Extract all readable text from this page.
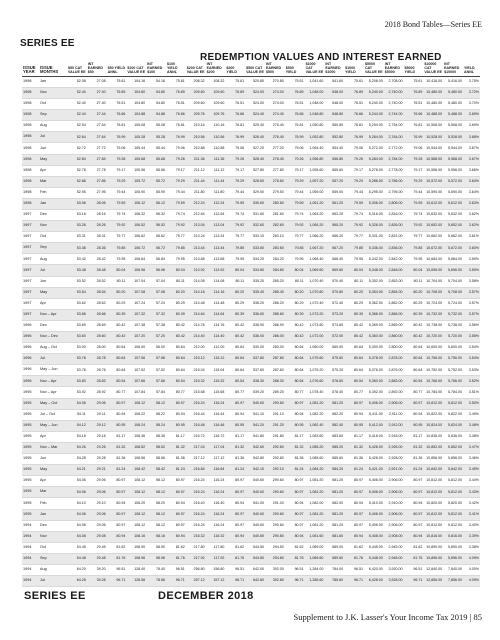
2018 Bond Tables—Series EE
SERIES EE
REDEMPTION VALUES AND INTEREST EARNED
ISSUE YEAR	ISSUE MONTHS	$50 CAT VALUE EE	INT EARNED $50	$50 YIELD ANNL	$100 CAT VALUE EE	INT EARNED $100	$100 YIELD ANNL	$200 CAT VALUE EE	INT EARNED $200	$200 YIELD	$500 CAT VALUE EE	INT EARNED $500	$500 YIELD	$1000 CAT VALUE EE	INT EARNED $1000	$1000 YIELD	$5000 CAT VALUE EE	INT EARNED $5000	$5000 YIELD	$10000 CAT VALUE EE	INT EARNED $10000	YIELD ANNL
1998	Jan	52.08	27.08	75.61	104.16	54.16	75.61	208.32	108.32	75.61	520.80	270.80	75.61	1,041.60	541.60	75.61	5,208.00	2,708.00	75.61	10,416.00	5,416.00	3.75%
1998	Nov	52.40	27.40	76.89	104.80	54.80	76.89	209.60	109.60	76.89	524.00	274.00	76.89	1,048.00	548.00	76.89	5,240.00	2,740.00	76.89	10,480.00	5,480.00	3.72%
1998	Oct	52.40	27.40	76.51	104.80	54.80	76.51	209.60	109.60	76.51	524.00	274.00	76.51	1,048.00	548.00	76.51	5,240.00	2,740.00	76.51	10,480.00	5,480.00	3.70%
1998	Sep	52.44	27.44	76.66	104.88	54.88	76.66	209.76	109.76	76.66	524.40	274.40	76.66	1,048.80	548.80	76.66	5,244.00	2,744.00	76.66	10,488.00	5,488.00	3.69%
1998	Aug	52.54	27.54	76.81	105.08	55.08	76.81	210.16	110.16	76.81	525.40	275.40	76.81	1,050.80	550.80	76.81	5,254.00	2,754.00	76.81	10,508.00	5,508.00	3.69%
1998	Jul	52.64	27.64	76.99	105.28	55.28	76.99	210.56	110.56	76.99	526.40	276.40	76.99	1,052.80	552.80	76.99	5,264.00	2,764.00	76.99	10,528.00	5,528.00	3.68%
1998	Jun	52.72	27.72	79.06	105.44	55.44	79.06	210.88	110.88	79.06	527.20	277.20	79.06	1,054.40	554.40	79.06	5,272.00	2,772.00	79.06	10,544.00	5,544.00	3.67%
1998	May	52.84	27.84	79.26	105.68	55.68	79.26	211.36	111.36	79.26	528.40	278.40	79.26	1,056.80	556.80	79.26	5,284.00	2,784.00	79.26	10,568.00	5,568.00	3.67%
1998	Apr	52.78	27.78	79.17	105.56	55.56	79.17	211.12	111.12	79.17	527.80	277.80	79.17	1,055.60	555.60	79.17	5,278.00	2,778.00	79.17	10,556.00	5,556.00	3.66%
1998	Mar	52.86	27.86	79.29	105.72	55.72	79.29	211.44	111.44	79.29	528.60	278.60	79.29	1,057.20	557.20	79.29	5,286.00	2,786.00	79.29	10,572.00	5,572.00	3.64%
1998	Feb	52.95	27.95	79.44	105.90	55.90	79.44	211.80	111.80	79.44	529.50	279.50	79.44	1,059.00	559.00	79.44	5,295.00	2,795.00	79.44	10,590.00	5,590.00	3.64%
1998	Jan	53.06	28.06	79.59	106.12	56.12	79.59	212.24	112.24	79.59	530.60	280.60	79.59	1,061.20	561.20	79.59	5,306.00	2,806.00	79.59	10,612.00	5,612.00	3.63%
1997	Dec	53.16	28.16	79.74	106.32	56.32	79.74	212.64	112.64	79.74	531.60	281.60	79.74	1,063.20	563.20	79.74	5,316.00	2,816.00	79.74	10,632.00	5,632.00	3.62%
1997	Nov	53.26	28.26	79.92	106.52	56.52	79.92	213.04	113.04	79.92	532.60	282.60	79.92	1,065.20	565.20	79.92	5,326.00	2,826.00	79.92	10,652.00	5,652.00	3.62%
1997	Oct	53.31	28.31	79.77	106.62	56.62	79.77	213.24	113.24	79.77	533.10	283.10	79.77	1,066.20	566.20	79.77	5,331.00	2,831.00	79.77	10,662.00	5,662.00	3.61%
1997	Sep	53.36	28.36	79.85	106.72	56.72	79.85	213.44	113.44	79.85	533.60	283.60	79.85	1,067.20	567.20	79.85	5,336.00	2,836.00	79.85	10,672.00	5,672.00	3.60%
1997	Aug	53.42	28.42	79.95	106.84	56.84	79.95	213.68	113.68	79.95	534.20	284.20	79.95	1,068.40	568.40	79.95	5,342.00	2,842.00	79.95	10,684.00	5,684.00	3.59%
1997	Jul	53.48	28.48	80.04	106.96	56.96	80.04	213.92	113.92	80.04	534.80	284.80	80.04	1,069.60	569.60	80.04	5,348.00	2,848.00	80.04	10,696.00	5,696.00	3.59%
1997	Jun	53.52	28.52	80.11	107.04	57.04	80.11	214.08	114.08	80.11	535.20	285.20	80.11	1,070.40	570.40	80.11	5,352.00	2,852.00	80.11	10,704.00	5,704.00	3.58%
1997	May	53.54	28.54	80.20	107.08	57.08	80.20	214.16	114.16	80.20	535.40	285.40	80.20	1,070.80	570.80	80.20	5,354.00	2,854.00	80.20	10,708.00	5,708.00	3.57%
1997	Apr	53.62	28.62	80.29	107.24	57.24	80.29	214.48	114.48	80.29	536.20	286.20	80.29	1,072.40	572.40	80.29	5,362.00	2,862.00	80.29	10,724.00	5,724.00	3.57%
1997	Nov – Apr	53.66	28.66	80.39	107.32	57.32	80.39	214.64	114.64	80.39	536.60	286.60	80.39	1,073.20	573.20	80.39	5,366.00	2,866.00	80.39	10,732.00	5,732.00	3.57%
1996	Dec	53.69	28.69	80.42	107.38	57.38	80.42	214.76	114.76	80.42	536.90	286.90	80.42	1,073.80	573.80	80.42	5,369.00	2,869.00	80.42	10,738.00	5,738.00	3.56%
1996	Nov – Dec	53.60	28.60	80.42	107.20	57.20	80.42	214.40	114.40	80.42	536.00	286.00	80.42	1,072.00	572.00	80.42	5,360.00	2,860.00	80.42	10,720.00	5,720.00	3.55%
1996	Aug – Oct	53.00	28.00	80.64	106.00	56.00	80.64	212.00	112.00	80.64	530.00	280.00	80.64	1,060.00	560.00	80.64	5,300.00	2,800.00	80.64	10,600.00	5,600.00	3.54%
1996	Jul	53.78	28.78	80.64	107.56	57.56	80.64	215.12	115.12	80.64	537.80	287.80	80.64	1,075.60	575.60	80.64	5,378.00	2,878.00	80.64	10,756.00	5,756.00	3.54%
1996	May – Jun	53.76	28.76	80.64	107.52	57.52	80.64	215.04	115.04	80.64	537.60	287.60	80.64	1,075.20	575.20	80.64	5,376.00	2,876.00	80.64	10,752.00	5,752.00	3.53%
1996	Nov – Apr	53.83	28.83	80.54	107.66	57.66	80.54	215.32	115.32	80.54	538.30	288.30	80.54	1,076.60	576.60	80.54	5,383.00	2,883.00	80.54	10,766.00	5,766.00	3.52%
1995	Nov – Apr	53.92	28.92	80.77	107.84	57.84	80.77	215.68	115.68	80.77	539.20	289.20	80.77	1,078.40	578.40	80.77	5,392.00	2,892.00	80.77	10,784.00	5,784.00	3.51%
1995	May – Oct	54.06	29.06	80.97	108.12	58.12	80.97	216.24	116.24	80.97	540.60	290.60	80.97	1,081.20	581.20	80.97	5,406.00	2,906.00	80.97	10,812.00	5,812.00	3.50%
1995	Jul – Oct	54.11	29.11	80.94	108.22	58.22	80.94	216.44	116.44	80.94	541.10	291.10	80.94	1,082.20	582.20	80.94	5,411.00	2,911.00	80.94	10,822.00	5,822.00	3.49%
1995	May – Jun	54.12	29.12	80.95	108.24	58.24	80.95	216.48	116.48	80.95	541.20	291.20	80.95	1,082.40	582.40	80.95	5,412.00	2,912.00	80.95	10,824.00	5,824.00	3.48%
1995	Apr	54.18	29.18	81.17	108.36	58.36	81.17	216.72	116.72	81.17	541.80	291.80	81.17	1,083.60	583.60	81.17	5,418.00	2,918.00	81.17	10,836.00	5,836.00	3.48%
1995	Nov – Mar	54.26	29.26	81.32	108.52	58.52	81.32	217.04	117.04	81.32	542.60	292.60	81.32	1,085.20	585.20	81.32	5,426.00	2,926.00	81.32	10,852.00	5,852.00	3.47%
1995	Jun	54.28	29.28	81.36	108.56	58.56	81.36	217.12	117.12	81.36	542.80	292.80	81.36	1,085.60	585.60	81.36	5,428.00	2,928.00	81.36	10,856.00	5,856.00	3.46%
1995	May	54.21	29.21	81.24	108.42	58.42	81.24	216.84	116.84	81.24	542.10	292.10	81.24	1,084.20	584.20	81.24	5,421.00	2,921.00	81.24	10,842.00	5,842.00	3.45%
1995	Apr	54.06	29.06	80.97	108.12	58.12	80.97	216.24	116.24	80.97	540.60	290.60	80.97	1,081.20	581.20	80.97	5,406.00	2,906.00	80.97	10,812.00	5,812.00	3.44%
1995	Mar	54.06	29.06	80.97	108.12	58.12	80.97	216.24	116.24	80.97	540.60	290.60	80.97	1,081.20	581.20	80.97	5,406.00	2,906.00	80.97	10,812.00	5,812.00	3.43%
1995	Feb	54.10	29.10	80.94	108.20	58.20	80.94	216.40	116.40	80.94	541.00	291.00	80.94	1,082.00	582.00	80.94	5,410.00	2,910.00	80.94	10,820.00	5,820.00	3.42%
1995	Jan	54.06	29.06	80.97	108.12	58.12	80.97	216.24	116.24	80.97	540.60	290.60	80.97	1,081.20	581.20	80.97	5,406.00	2,906.00	80.97	10,812.00	5,812.00	3.41%
1994	Dec	54.06	29.06	80.97	108.12	58.12	80.97	216.24	116.24	80.97	540.60	290.60	80.97	1,081.20	581.20	80.97	5,406.00	2,906.00	80.97	10,812.00	5,812.00	3.40%
1994	Nov	54.08	29.08	80.94	108.16	58.16	80.94	216.32	116.32	80.94	540.80	290.80	80.94	1,081.60	581.60	80.94	5,408.00	2,908.00	80.94	10,816.00	5,816.00	3.39%
1994	Oct	54.45	29.45	81.62	108.90	58.90	81.62	217.80	117.80	81.62	544.50	294.50	81.62	1,089.00	589.00	81.62	5,445.00	2,945.00	81.62	10,890.00	5,890.00	3.38%
1994	Sep	54.48	29.48	81.76	108.96	58.96	81.76	217.92	117.92	81.76	544.80	294.80	81.76	1,089.60	589.60	81.76	5,448.00	2,948.00	81.76	10,896.00	5,896.00	4.09%
1994	Aug	64.20	39.20	96.51	128.40	78.40	96.51	256.80	156.80	96.51	642.00	392.00	96.51	1,284.00	784.00	96.51	6,420.00	3,920.00	96.51	12,840.00	7,840.00	4.00%
1994	Jul	64.28	39.28	96.71	128.56	78.56	96.71	257.12	157.12	96.71	642.80	392.80	96.71	1,285.60	785.60	96.71	6,428.00	3,928.00	96.71	12,856.00	7,856.00	4.09%
SERIES EE	DECEMBER 2018
Supplement to J.K. Lasser's Your Income Tax 2019 | 85
